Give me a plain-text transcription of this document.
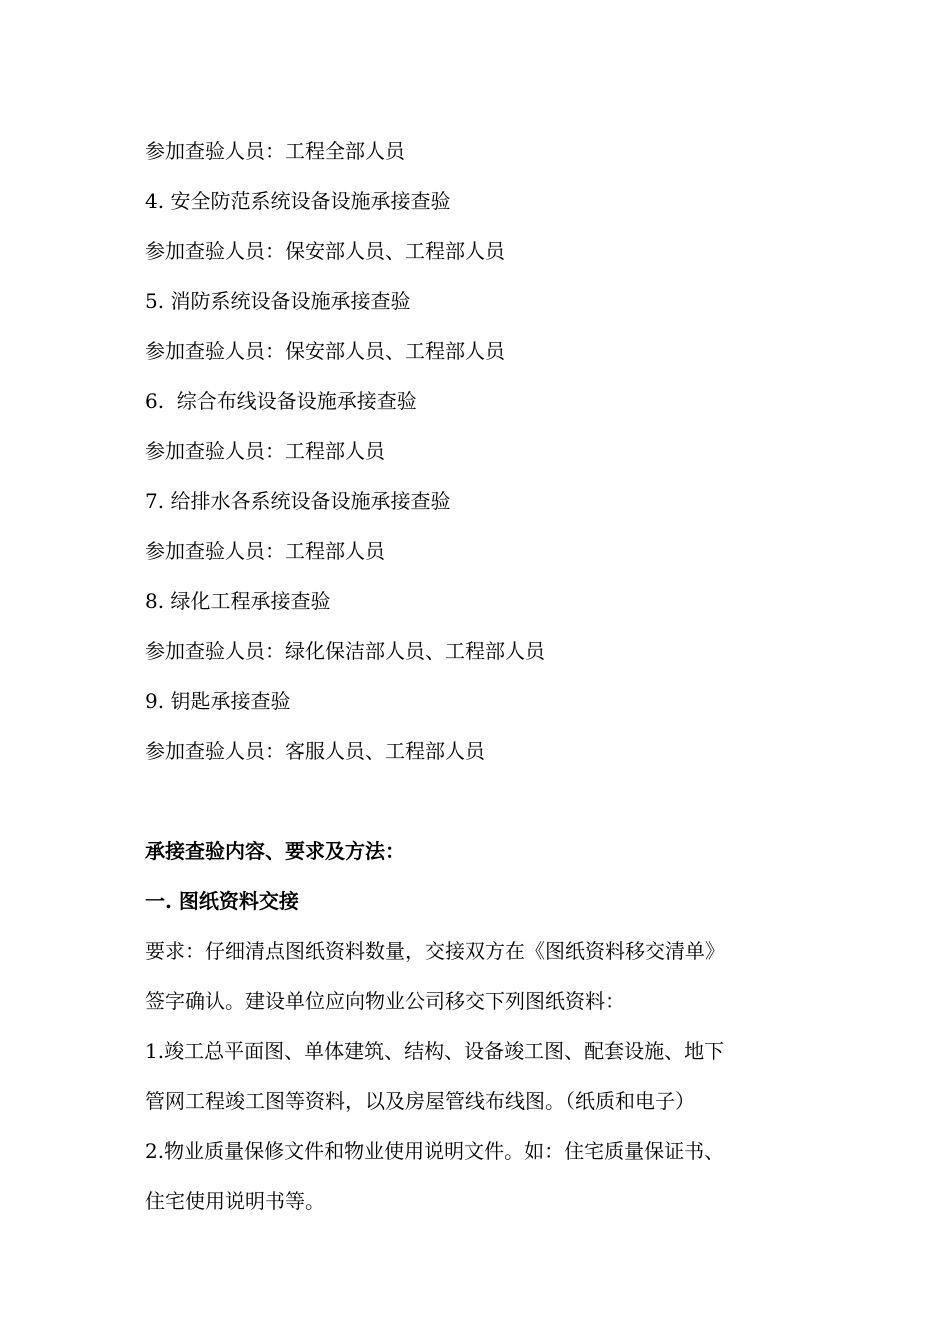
参加查验人员：工程全部人员
4. 安全防范系统设备设施承接查验
参加查验人员：保安部人员、工程部人员
5. 消防系统设备设施承接查验
参加查验人员：保安部人员、工程部人员
6.  综合布线设备设施承接查验
参加查验人员：工程部人员
7. 给排水各系统设备设施承接查验
参加查验人员：工程部人员
8. 绿化工程承接查验
参加查验人员：绿化保洁部人员、工程部人员
9. 钥匙承接查验
参加查验人员：客服人员、工程部人员
承接查验内容、要求及方法：
一. 图纸资料交接
要求：仔细清点图纸资料数量，交接双方在《图纸资料移交清单》
签字确认。建设单位应向物业公司移交下列图纸资料：
1.竣工总平面图、单体建筑、结构、设备竣工图、配套设施、地下
管网工程竣工图等资料，以及房屋管线布线图。（纸质和电子）
2.物业质量保修文件和物业使用说明文件。如：住宅质量保证书、
住宅使用说明书等。
